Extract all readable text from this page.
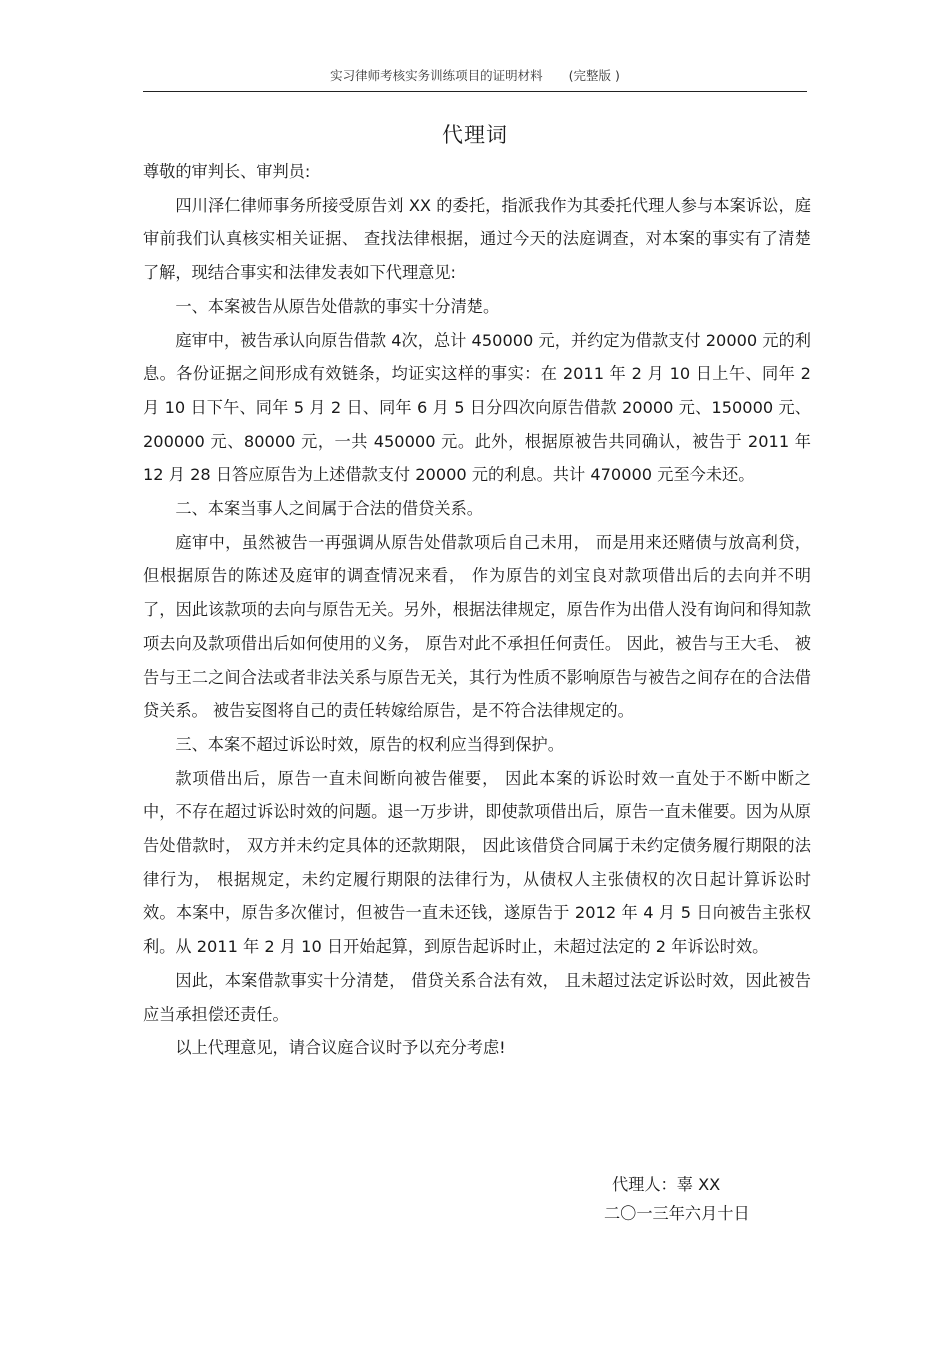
实习律师考核实务训练项目的证明材料 (完整版 )
代理词

尊敬的审判长、审判员:

四川泽仁律师事务所接受原告刘 XX 的委托，指派我作为其委托代理人参与本案诉讼，庭审前我们认真核实相关证据、 查找法律根据，通过今天的法庭调查，对本案的事实有了清楚了解，现结合事实和法律发表如下代理意见:

一、本案被告从原告处借款的事实十分清楚。

庭审中，被告承认向原告借款 4次，总计 450000 元，并约定为借款支付 20000 元的利息。各份证据之间形成有效链条，均证实这样的事实：在 2011 年 2 月 10 日上午、同年 2 月 10 日下午、同年 5 月 2 日、同年 6 月 5 日分四次向原告借款 20000 元、150000 元、200000 元、80000 元，一共 450000 元。此外，根据原被告共同确认，被告于 2011 年 12 月 28 日答应原告为上述借款支付 20000 元的利息。共计 470000 元至今未还。

二、本案当事人之间属于合法的借贷关系。

庭审中，虽然被告一再强调从原告处借款项后自己未用， 而是用来还赌债与放高利贷，但根据原告的陈述及庭审的调查情况来看， 作为原告的刘宝良对款项借出后的去向并不明了，因此该款项的去向与原告无关。另外，根据法律规定，原告作为出借人没有询问和得知款项去向及款项借出后如何使用的义务， 原告对此不承担任何责任。 因此，被告与王大毛、 被告与王二之间合法或者非法关系与原告无关，其行为性质不影响原告与被告之间存在的合法借贷关系。 被告妄图将自己的责任转嫁给原告，是不符合法律规定的。

三、本案不超过诉讼时效，原告的权利应当得到保护。

款项借出后，原告一直未间断向被告催要， 因此本案的诉讼时效一直处于不断中断之中，不存在超过诉讼时效的问题。退一万步讲，即使款项借出后，原告一直未催要。因为从原告处借款时， 双方并未约定具体的还款期限， 因此该借贷合同属于未约定债务履行期限的法律行为， 根据规定，未约定履行期限的法律行为，从债权人主张债权的次日起计算诉讼时效。本案中，原告多次催讨，但被告一直未还钱，遂原告于 2012 年 4 月 5 日向被告主张权利。从 2011 年 2 月 10 日开始起算，到原告起诉时止，未超过法定的 2 年诉讼时效。

因此，本案借款事实十分清楚， 借贷关系合法有效， 且未超过法定诉讼时效，因此被告应当承担偿还责任。

以上代理意见，请合议庭合议时予以充分考虑!

代理人：辜 XX
二〇一三年六月十日
